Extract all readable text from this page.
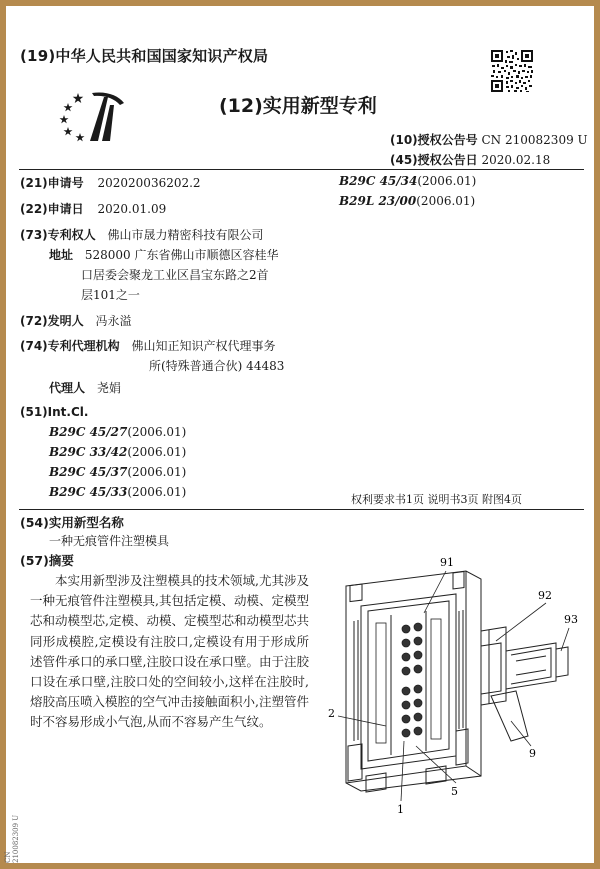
(19)中华人民共和国国家知识产权局
(12)实用新型专利
(10)授权公告号 CN 210082309 U
(45)授权公告日 2020.02.18
(21)申请号 202020036202.2
(22)申请日 2020.01.09
(73)专利权人 佛山市晟力精密科技有限公司
地址 528000 广东省佛山市顺德区容桂华
口居委会聚龙工业区昌宝东路之2首
层101之一
(72)发明人 冯永溢
(74)专利代理机构 佛山知正知识产权代理事务
所(特殊普通合伙) 44483
代理人 尧娟
(51)Int.Cl.
B29C 45/27(2006.01)
B29C 33/42(2006.01)
B29C 45/37(2006.01)
B29C 45/33(2006.01)
B29C 45/34(2006.01)
B29L 23/00(2006.01)
权利要求书1页 说明书3页 附图4页
(54)实用新型名称
一种无痕管件注塑模具
(57)摘要
本实用新型涉及注塑模具的技术领域,尤其涉及一种无痕管件注塑模具,其包括定模、动模、定模型芯和动模型芯,定模、动模、定模型芯和动模型芯共同形成模腔,定模设有注胶口,定模设有用于形成所述管件承口的承口壁,注胶口设在承口壁。由于注胶口设在承口壁,注胶口处的空间较小,这样在注胶时,熔胶高压喷入模腔的空气冲击接触面积小,注塑管件时不容易形成小气泡,从而不容易产生气纹。
91
92
93
2
9
5
1
CN 210082309 U
